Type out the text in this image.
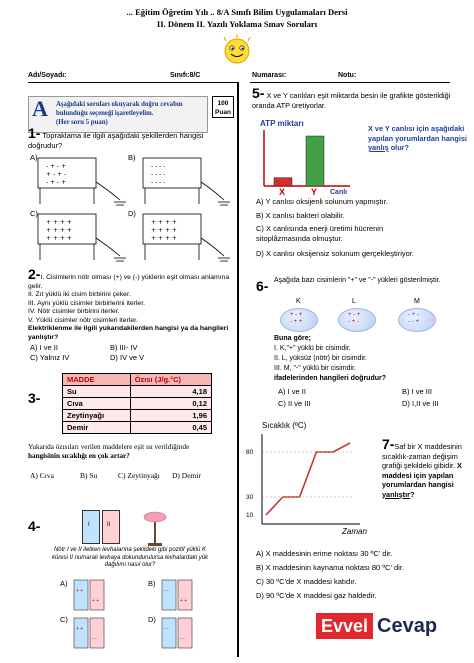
... Eğitim Öğretim Yılı .. 8/A Sınıfı Bilim Uygulamaları Dersi
II. Dönem II. Yazılı Yoklama Sınav Soruları
Adı/Soyadı:	Sınıfı:8/C	Numarası:	Notu:
A Aşağıdaki soruları okuyarak doğru cevabın bulunduğu seçeneği işaretleyelim.
(Her soru 5 puan)
100
Puan
1- Topraklama ile ilgili aşağıdaki şekillerden hangisi doğrudur?
- + - +
+ - + -
- + - +
- - - -
- - - -
- - - -
+ + + +
+ + + +
+ + + +
+ + + +
+ + + +
+ + + +
A)	B)
C)	D)
2-I. Cisimlerin nötr olması (+) ve (-) yüklerin eşit olması anlamına gelir.
II. Zıt yüklü iki cisim birbirini çeker.
III. Aynı yüklü cisimler birbirlerini iterler.
IV. Nötr cisimler birbirini iterler.
V. Yüklü cisimler nötr cisimleri iterler.
Elektriklenme ile ilgili yukarıdakilerden hangisi ya da hangileri yanlıştır?
A) I ve II	B) III- IV
C) Yalnız IV	D) IV ve V
3-
MADDE	Özısı (J/g.°C)
Su	4,18
Cıva	0,12
Zeytinyağı	1,96
Demir	0,45
Yukarıda özısıları verilen maddelere eşit ısı verildiğinde
hangisinin sıcaklığı en çok artar?
A) Cıva	B) Su	C) Zeytinyağı D) Demir
4-	I	II
Nötr I ve II iletken levhalarına şekildeki gibi pozitif yüklü K küresi II numaralı levhaya dokundurulursa levhalardaki yük dağılımı nasıl olur?
A)	B)
C)	D)
+ +
+ +
- -
+ +
+ +
- -
- -
- -
5- X ve Y canlıları eşit miktarda besin ile grafikte gösterildiği oranda ATP üretiyorlar.
ATP miktarı
X	Y Canlı
X ve Y canlısı için aşağıdaki yapılan yorumlardan hangisi yanlış olur?
A) Y canlısı oksijenli solunum yapmıştır.
B) X canlısı bakteri olabilir.
C) X canlısında enerji üretimi hücrenin sitoplâzmasında olmuştur.
D) X canlısı oksijensiz solunum gerçekleştiriyor.
6- Aşağıda bazı cisimlerin "+" ve "-" yükleri gösterilmiştir.
K	L	M
+ - +
- + +
+ - +
- + -
- + -
- - +
Buna göre;
I. K,"+" yüklü bir cisimdir.
II. L, yüksüz (nötr) bir cisimdir.
III. M, "-" yüklü bir cisimdir.
ifadelerinden hangileri doğrudur?
A) I ve II	B) I ve III
C) II ve III	D) I,II ve III
Sıcaklık (ºC)
10
30
80
Zaman
7-Saf bir X maddesinin sıcaklık-zaman değişim grafiği şekildeki gibidir. X maddesi için yapılan yorumlardan hangisi yanlıştır?
A) X maddesinin erime noktası 30 ºC' dir.
B) X maddesinin kaynama noktası 80 ºC' dir.
C) 30 ºC'de X maddesi katıdır.
D) 90 ºC'de X maddesi gaz haldedir.
Evvel Cevap
